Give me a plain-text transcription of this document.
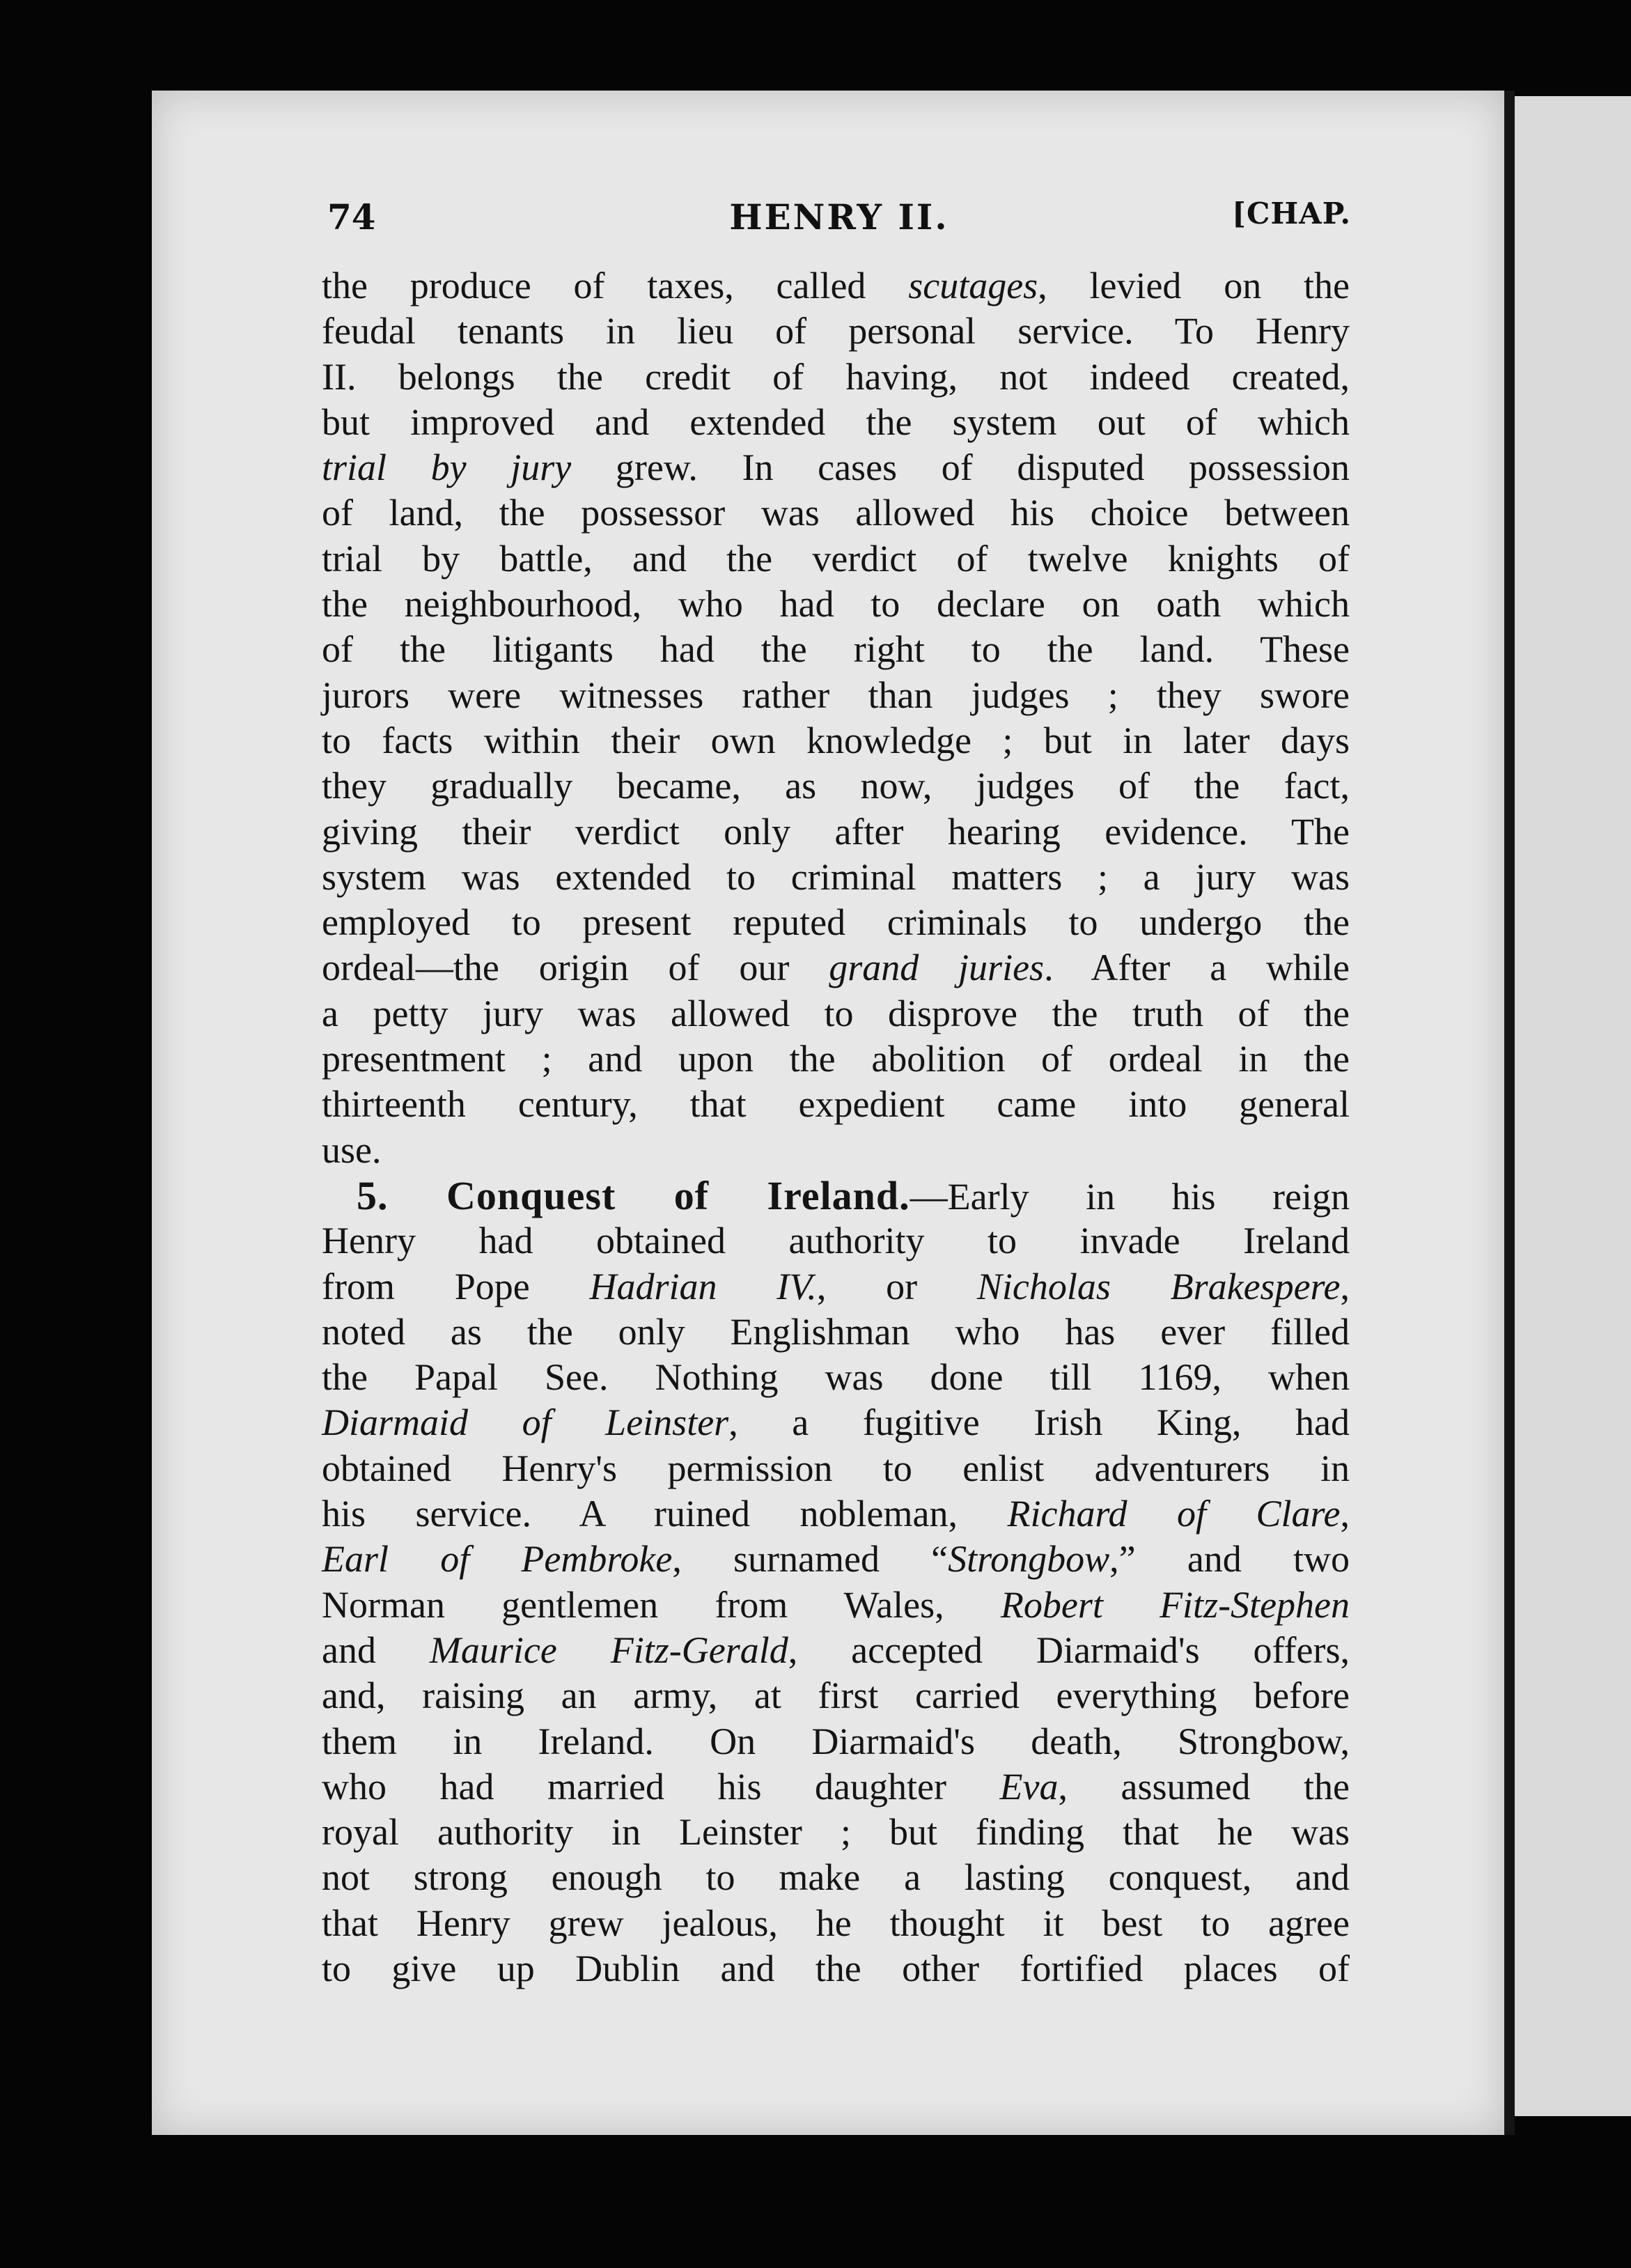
74	HENRY II.	[CHAP.
the produce of taxes, called scutages, levied on the
feudal tenants in lieu of personal service. To Henry
II. belongs the credit of having, not indeed created,
but improved and extended the system out of which
trial by jury grew. In cases of disputed possession
of land, the possessor was allowed his choice between
trial by battle, and the verdict of twelve knights of
the neighbourhood, who had to declare on oath which
of the litigants had the right to the land. These
jurors were witnesses rather than judges ; they swore
to facts within their own knowledge ; but in later days
they gradually became, as now, judges of the fact,
giving their verdict only after hearing evidence. The
system was extended to criminal matters ; a jury was
employed to present reputed criminals to undergo the
ordeal—the origin of our grand juries. After a while
a petty jury was allowed to disprove the truth of the
presentment ; and upon the abolition of ordeal in the
thirteenth century, that expedient came into general
use.
5. Conquest of Ireland.—Early in his reign
Henry had obtained authority to invade Ireland
from Pope Hadrian IV., or Nicholas Brakespere,
noted as the only Englishman who has ever filled
the Papal See. Nothing was done till 1169, when
Diarmaid of Leinster, a fugitive Irish King, had
obtained Henry's permission to enlist adventurers in
his service. A ruined nobleman, Richard of Clare,
Earl of Pembroke, surnamed “Strongbow,” and two
Norman gentlemen from Wales, Robert Fitz-Stephen
and Maurice Fitz-Gerald, accepted Diarmaid's offers,
and, raising an army, at first carried everything before
them in Ireland. On Diarmaid's death, Strongbow,
who had married his daughter Eva, assumed the
royal authority in Leinster ; but finding that he was
not strong enough to make a lasting conquest, and
that Henry grew jealous, he thought it best to agree
to give up Dublin and the other fortified places of
